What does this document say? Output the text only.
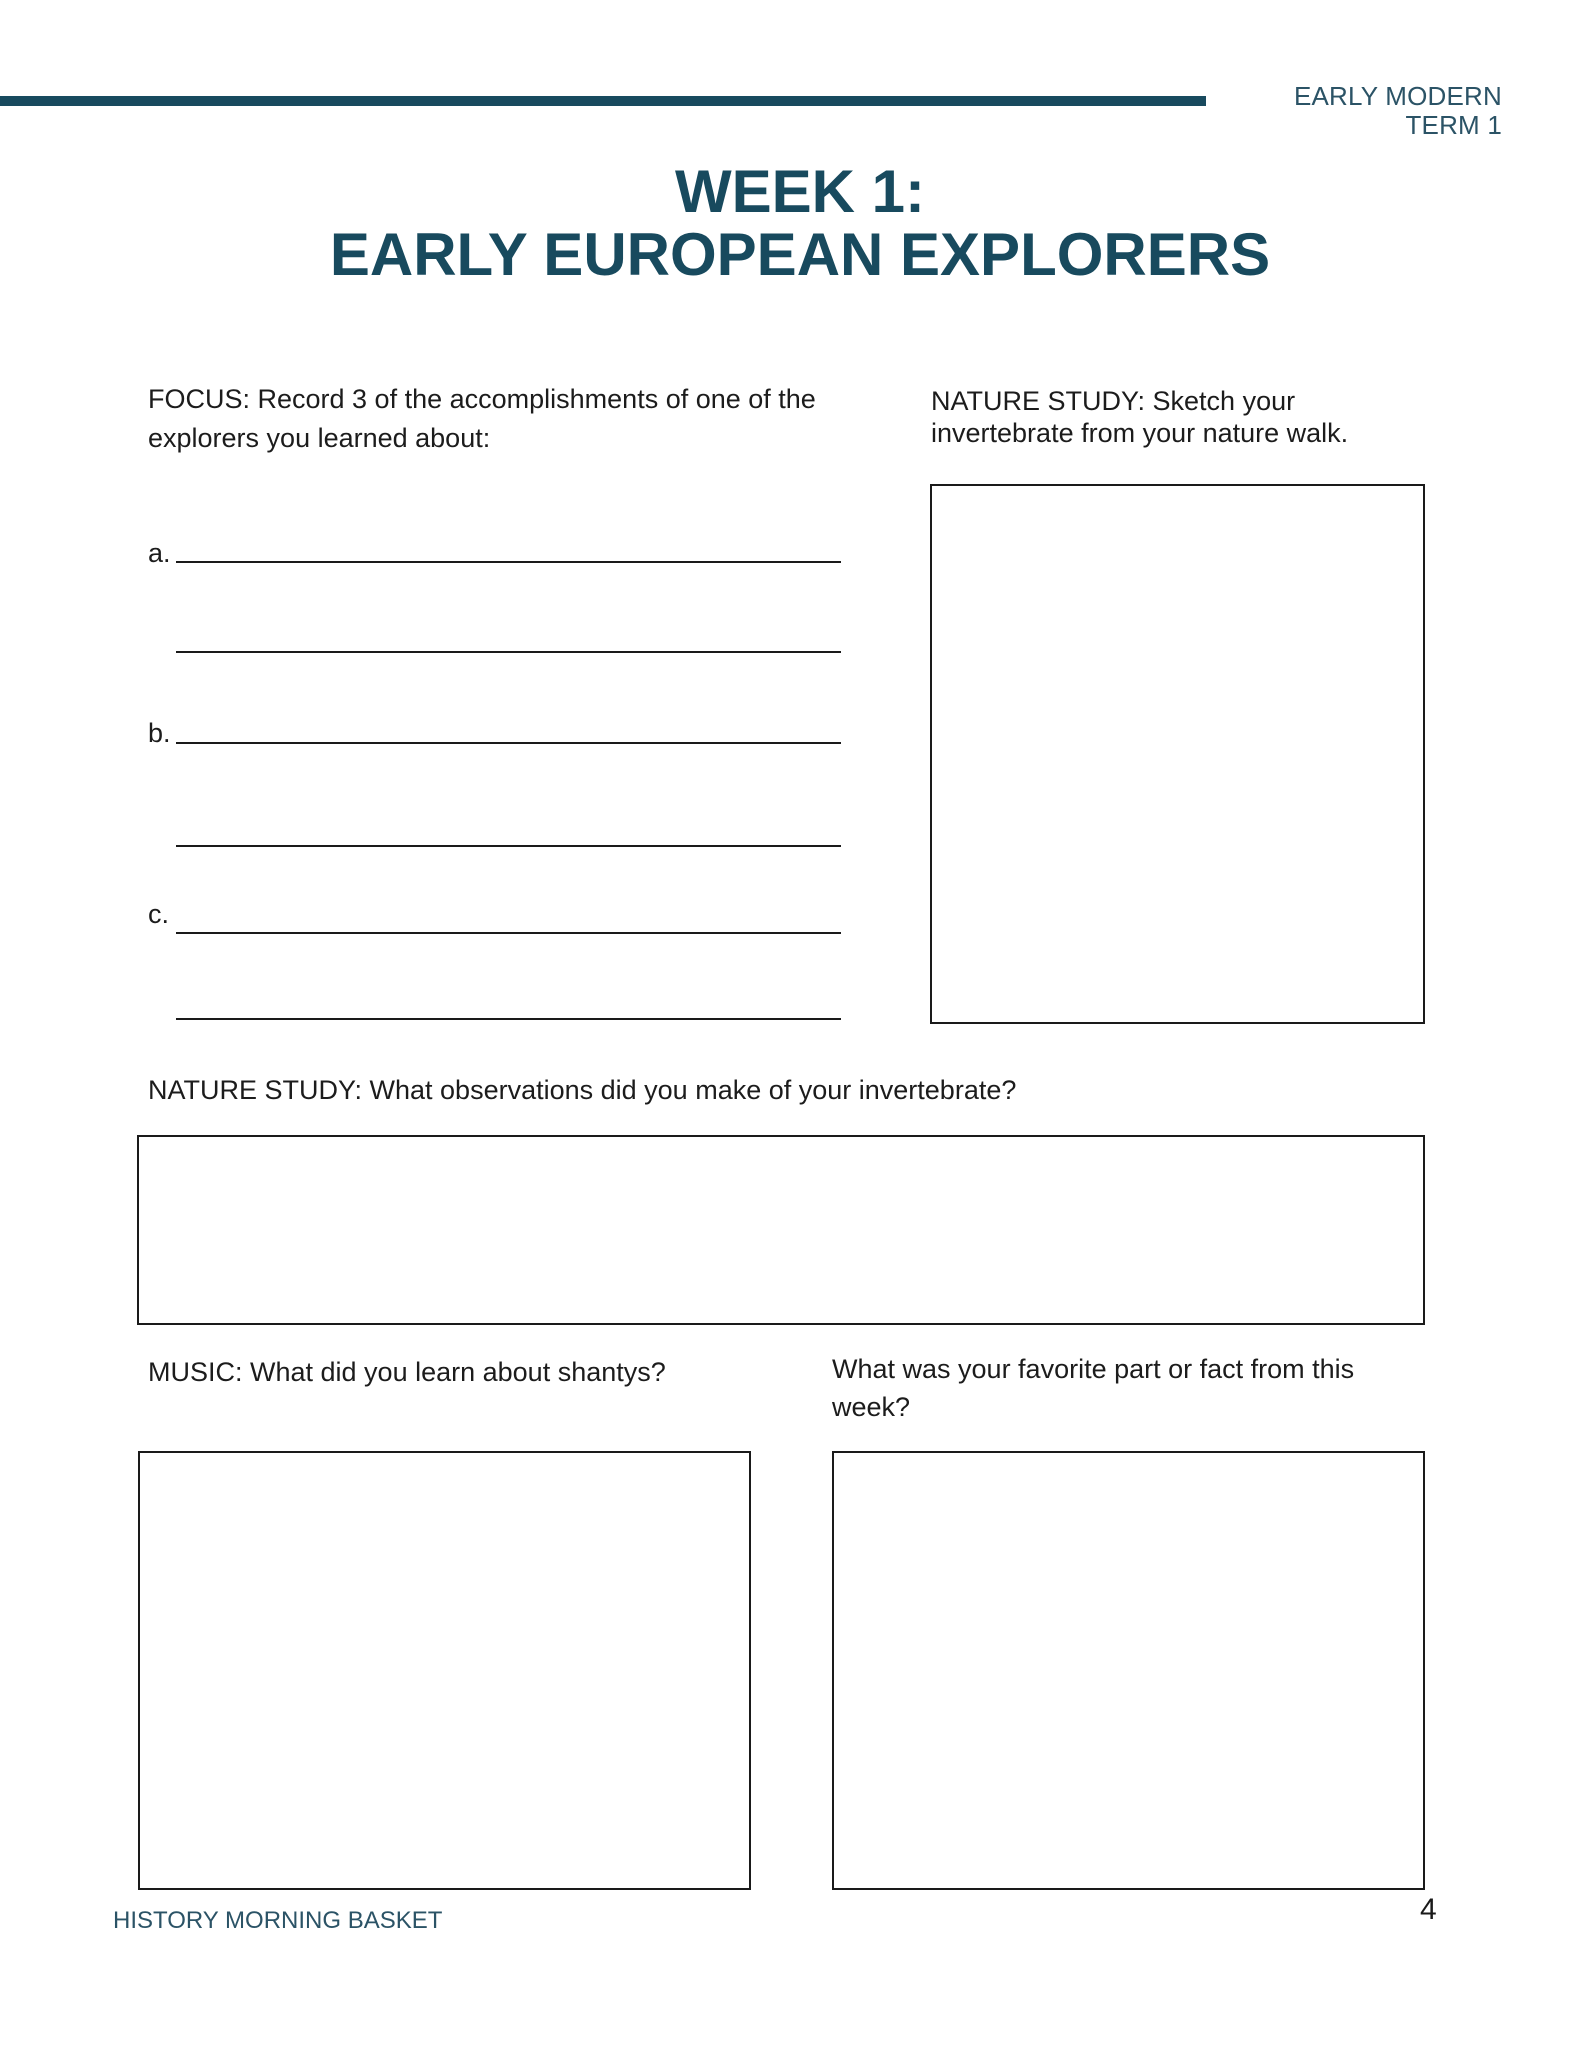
EARLY MODERN
TERM 1
WEEK 1:
EARLY EUROPEAN EXPLORERS
FOCUS: Record 3 of the accomplishments of one of the explorers you learned about:
a.
b.
c.
NATURE STUDY: Sketch your
invertebrate from your nature walk.
NATURE STUDY: What observations did you make of your invertebrate?
MUSIC: What did you learn about shantys?	What was your favorite part or fact from this week?
HISTORY MORNING BASKET	4
